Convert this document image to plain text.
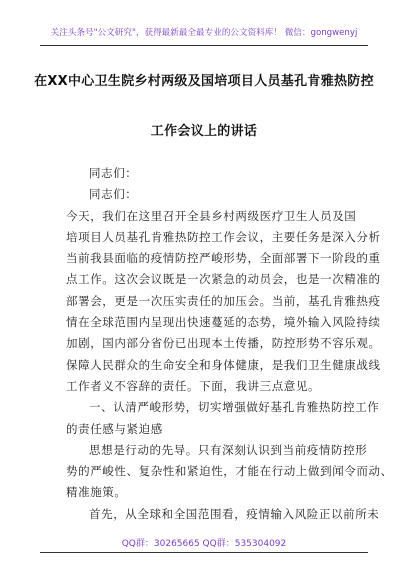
关注头条号"公文研究"，获得最新最全最专业的公文资料库！ 微信：gongwenyj
在XX中心卫生院乡村两级及国培项目人员基孔肯雅热防控
工作会议上的讲话
同志们：
同志们：
今天，我们在这里召开全县乡村两级医疗卫生人员及国
培项目人员基孔肯雅热防控工作会议，主要任务是深入分析
当前我县面临的疫情防控严峻形势，全面部署下一阶段的重
点工作。这次会议既是一次紧急的动员会，也是一次精准的
部署会，更是一次压实责任的加压会。当前，基孔肯雅热疫
情在全球范围内呈现出快速蔓延的态势，境外输入风险持续
加剧，国内部分省份已出现本土传播，防控形势不容乐观。
保障人民群众的生命安全和身体健康，是我们卫生健康战线
工作者义不容辞的责任。下面，我讲三点意见。
一、认清严峻形势，切实增强做好基孔肯雅热防控工作
的责任感与紧迫感
思想是行动的先导。只有深刻认识到当前疫情防控形
势的严峻性、复杂性和紧迫性，才能在行动上做到闻令而动、
精准施策。
首先，从全球和全国范围看，疫情输入风险正以前所未
QQ群：30265665 QQ群：535304092
